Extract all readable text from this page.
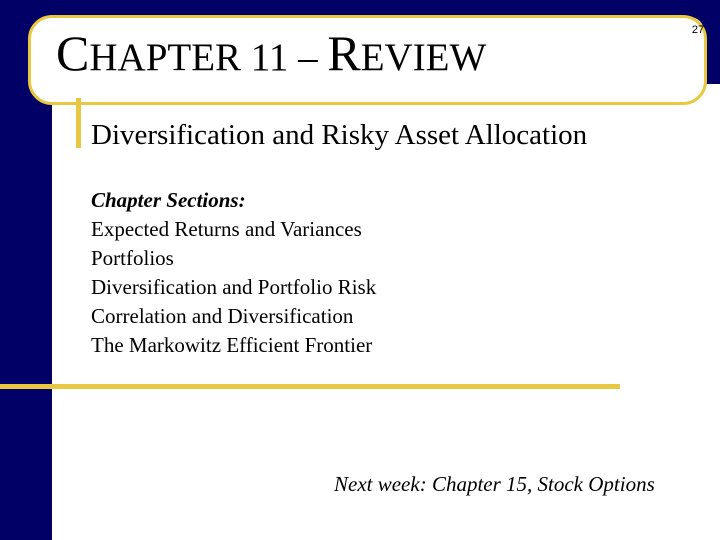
CHAPTER 11 – REVIEW
27
Diversification and Risky Asset Allocation
Chapter Sections:
Expected Returns and Variances
Portfolios
Diversification and Portfolio Risk
Correlation and Diversification
The Markowitz Efficient Frontier
Next week: Chapter 15, Stock Options
